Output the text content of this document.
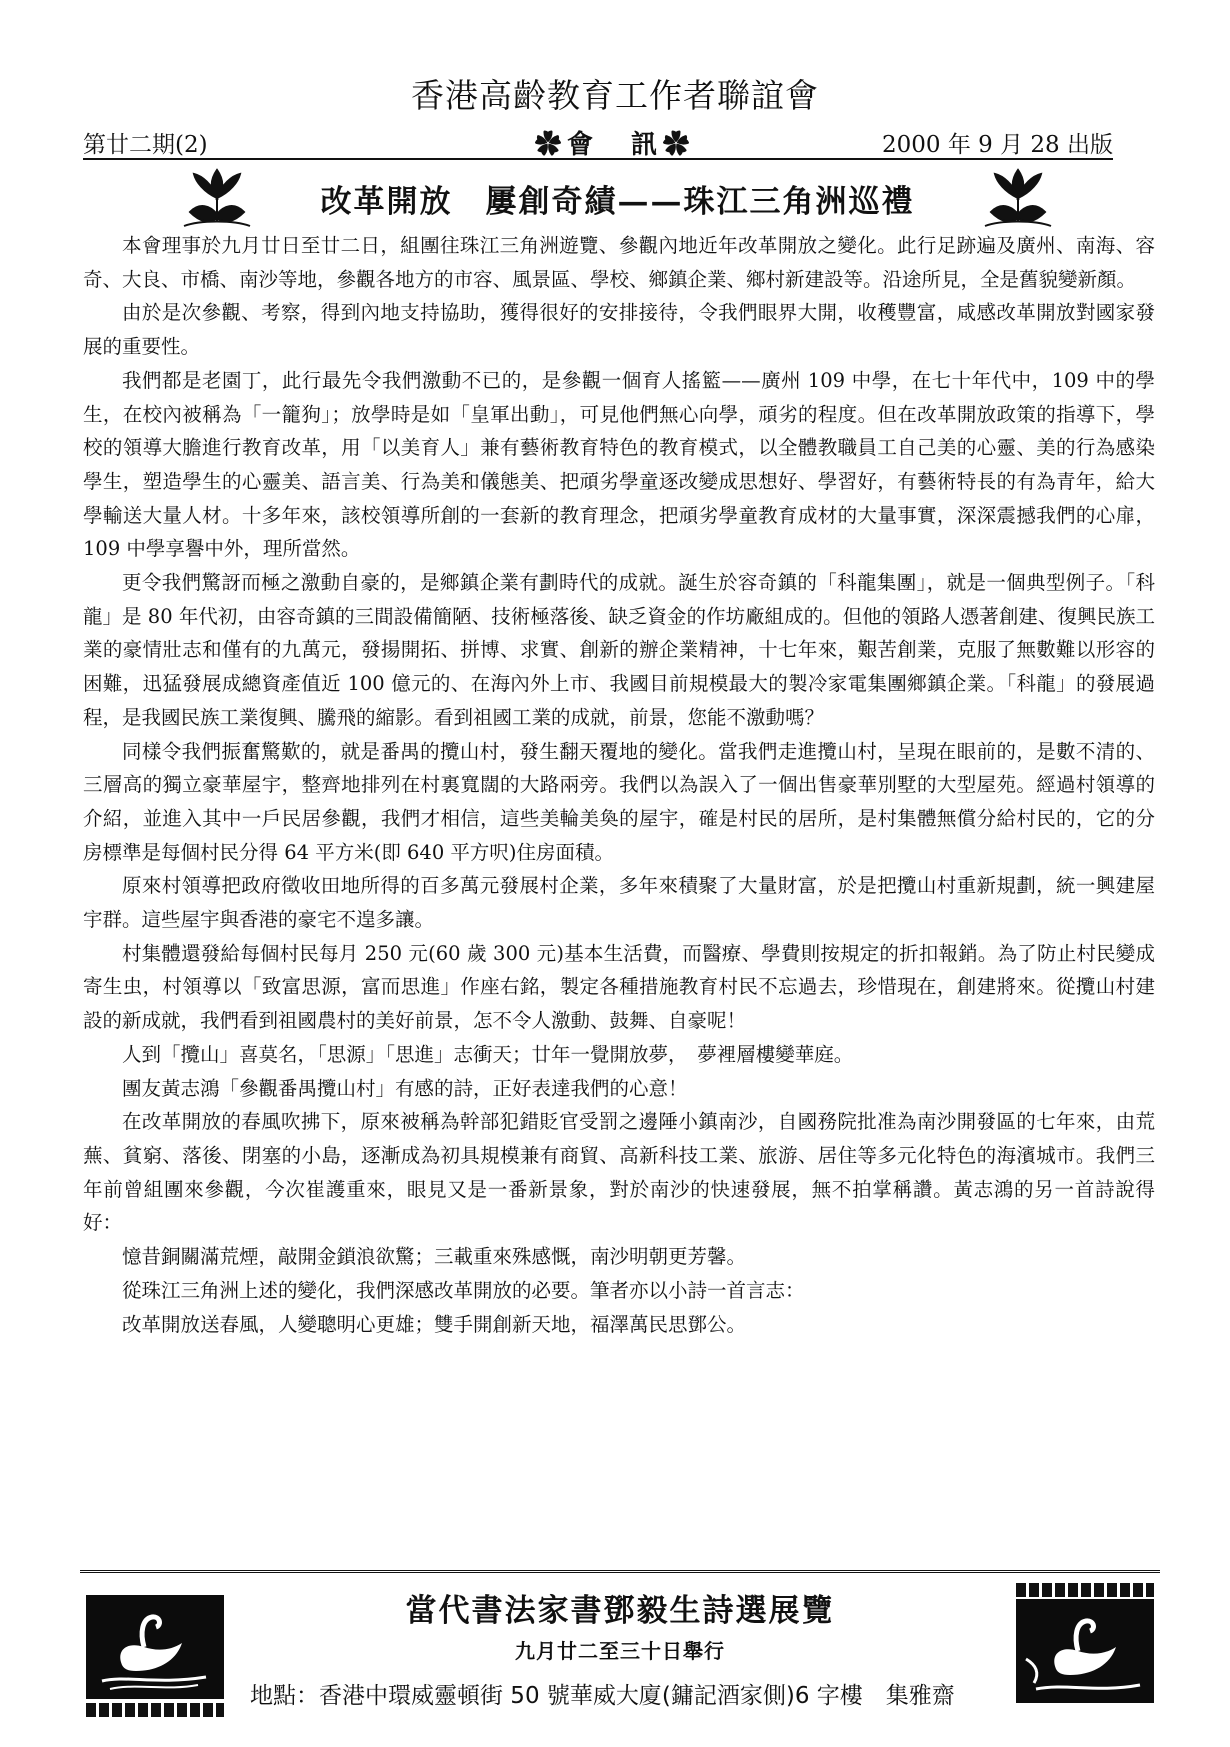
香港高齡教育工作者聯誼會
第廿二期(2)	✿會　訊✿	2000 年 9 月 28 出版
改革開放　屢創奇績——珠江三角洲巡禮

本會理事於九月廿日至廿二日，組團往珠江三角洲遊覽、參觀內地近年改革開放之變化。此行足跡遍及廣州、南海、容奇、大良、市橋、南沙等地，參觀各地方的市容、風景區、學校、鄉鎮企業、鄉村新建設等。沿途所見，全是舊貌變新顏。

由於是次參觀、考察，得到內地支持協助，獲得很好的安排接待，令我們眼界大開，收穫豐富，咸感改革開放對國家發展的重要性。

我們都是老園丁，此行最先令我們激動不已的，是參觀一個育人搖籃——廣州 109 中學，在七十年代中，109 中的學生，在校內被稱為「一籠狗」；放學時是如「皇軍出動」，可見他們無心向學，頑劣的程度。但在改革開放政策的指導下，學校的領導大膽進行教育改革，用「以美育人」兼有藝術教育特色的教育模式，以全體教職員工自己美的心靈、美的行為感染學生，塑造學生的心靈美、語言美、行為美和儀態美、把頑劣學童逐改變成思想好、學習好，有藝術特長的有為青年，給大學輸送大量人材。十多年來，該校領導所創的一套新的教育理念，把頑劣學童教育成材的大量事實，深深震撼我們的心扉，109 中學享譽中外，理所當然。

更令我們驚訝而極之激動自豪的，是鄉鎮企業有劃時代的成就。誕生於容奇鎮的「科龍集團」，就是一個典型例子。「科龍」是 80 年代初，由容奇鎮的三間設備簡陋、技術極落後、缺乏資金的作坊廠組成的。但他的領路人憑著創建、復興民族工業的豪情壯志和僅有的九萬元，發揚開拓、拼博、求實、創新的辦企業精神，十七年來，艱苦創業，克服了無數難以形容的困難，迅猛發展成總資產值近 100 億元的、在海內外上市、我國目前規模最大的製冷家電集團鄉鎮企業。「科龍」的發展過程，是我國民族工業復興、騰飛的縮影。看到祖國工業的成就，前景，您能不激動嗎？

同樣令我們振奮驚歎的，就是番禺的攬山村，發生翻天覆地的變化。當我們走進攬山村，呈現在眼前的，是數不清的、三層高的獨立豪華屋宇，整齊地排列在村裏寬闊的大路兩旁。我們以為誤入了一個出售豪華別墅的大型屋苑。經過村領導的介紹，並進入其中一戶民居參觀，我們才相信，這些美輪美奐的屋宇，確是村民的居所，是村集體無償分給村民的，它的分房標準是每個村民分得 64 平方米(即 640 平方呎)住房面積。

原來村領導把政府徵收田地所得的百多萬元發展村企業，多年來積聚了大量財富，於是把攬山村重新規劃，統一興建屋宇群。這些屋宇與香港的豪宅不遑多讓。

村集體還發給每個村民每月 250 元(60 歲 300 元)基本生活費，而醫療、學費則按規定的折扣報銷。為了防止村民變成寄生虫，村領導以「致富思源，富而思進」作座右銘，製定各種措施教育村民不忘過去，珍惜現在，創建將來。從攬山村建設的新成就，我們看到祖國農村的美好前景，怎不令人激動、鼓舞、自豪呢！

人到「攬山」喜莫名，「思源」「思進」志衝天；廿年一覺開放夢，　夢裡層樓變華庭。

團友黃志鴻「參觀番禺攬山村」有感的詩，正好表達我們的心意！

在改革開放的春風吹拂下，原來被稱為幹部犯錯貶官受罰之邊陲小鎮南沙，自國務院批准為南沙開發區的七年來，由荒蕪、貧窮、落後、閉塞的小島，逐漸成為初具規模兼有商貿、高新科技工業、旅游、居住等多元化特色的海濱城市。我們三年前曾組團來參觀，今次崔護重來，眼見又是一番新景象，對於南沙的快速發展，無不拍掌稱讚。黃志鴻的另一首詩說得好：

憶昔銅關滿荒煙，敲開金鎖浪欲驚；三載重來殊感慨，南沙明朝更芳馨。

從珠江三角洲上述的變化，我們深感改革開放的必要。筆者亦以小詩一首言志：

改革開放送春風，人變聰明心更雄；雙手開創新天地，福澤萬民思鄧公。

當代書法家書鄧毅生詩選展覽
九月廿二至三十日舉行
地點：香港中環威靈頓街 50 號華威大廈(鏞記酒家側)6 字樓　集雅齋
